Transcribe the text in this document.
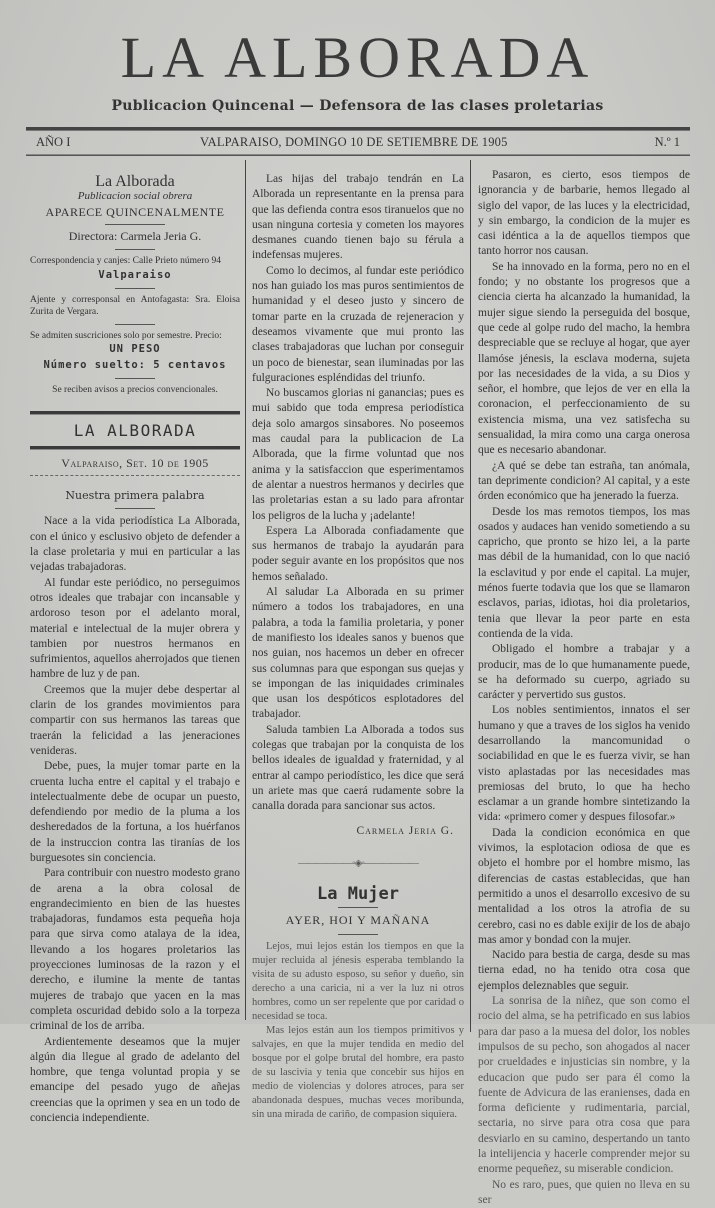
LA ALBORADA
Publicacion Quincenal — Defensora de las clases proletarias
AÑO I	VALPARAISO, DOMINGO 10 DE SETIEMBRE DE 1905	N.º 1
La Alborada
Publicacion social obrera
APARECE QUINCENALMENTE
Directora: Carmela Jeria G.
Correspondencia y canjes: Calle Prieto número 94
Valparaiso
Ajente y corresponsal en Antofagasta: Sra. Eloisa Zurita de Vergara.
Se admiten suscriciones solo por semestre. Precio:
UN PESO
Número suelto: 5 centavos
Se reciben avisos a precios convencionales.
LA ALBORADA
Valparaiso, Set. 10 de 1905
Nuestra primera palabra

Nace a la vida periodística La Alborada, con el único y esclusivo objeto de defender a la clase proletaria y mui en particular a las vejadas trabajadoras.

Al fundar este periódico, no perseguimos otros ideales que trabajar con incansable y ardoroso teson por el adelanto moral, material e intelectual de la mujer obrera y tambien por nuestros hermanos en sufrimientos, aquellos aherrojados que tienen hambre de luz y de pan.

Creemos que la mujer debe despertar al clarin de los grandes movimientos para compartir con sus hermanos las tareas que traerán la felicidad a las jeneraciones venideras.

Debe, pues, la mujer tomar parte en la cruenta lucha entre el capital y el trabajo e intelectualmente debe de ocupar un puesto, defendiendo por medio de la pluma a los desheredados de la fortuna, a los huérfanos de la instruccion contra las tiranías de los burguesotes sin conciencia.

Para contribuir con nuestro modesto grano de arena a la obra colosal de engrandecimiento en bien de las huestes trabajadoras, fundamos esta pequeña hoja para que sirva como atalaya de la idea, llevando a los hogares proletarios las proyecciones luminosas de la razon y el derecho, e ilumine la mente de tantas mujeres de trabajo que yacen en la mas completa oscuridad debido solo a la torpeza criminal de los de arriba.

Ardientemente deseamos que la mujer algún dia llegue al grado de adelanto del hombre, que tenga voluntad propia y se emancipe del pesado yugo de añejas creencias que la oprimen y sea en un todo de conciencia independiente.

Las hijas del trabajo tendrán en La Alborada un representante en la prensa para que las defienda contra esos tiranuelos que no usan ninguna cortesia y cometen los mayores desmanes cuando tienen bajo su férula a indefensas mujeres.

Como lo decimos, al fundar este periódico nos han guiado los mas puros sentimientos de humanidad y el deseo justo y sincero de tomar parte en la cruzada de rejeneracion y deseamos vivamente que mui pronto las clases trabajadoras que luchan por conseguir un poco de bienestar, sean iluminadas por las fulguraciones espléndidas del triunfo.

No buscamos glorias ni ganancias; pues es mui sabido que toda empresa periodística deja solo amargos sinsabores. No poseemos mas caudal para la publicacion de La Alborada, que la firme voluntad que nos anima y la satisfaccion que esperimentamos de alentar a nuestros hermanos y decirles que las proletarias estan a su lado para afrontar los peligros de la lucha y ¡adelante!

Espera La Alborada confiadamente que sus hermanos de trabajo la ayudarán para poder seguir avante en los propósitos que nos hemos señalado.

Al saludar La Alborada en su primer número a todos los trabajadores, en una palabra, a toda la familia proletaria, y poner de manifiesto los ideales sanos y buenos que nos guian, nos hacemos un deber en ofrecer sus columnas para que espongan sus quejas y se impongan de las iniquidades criminales que usan los despóticos esplotadores del trabajador.

Saluda tambien La Alborada a todos sus colegas que trabajan por la conquista de los bellos ideales de igualdad y fraternidad, y al entrar al campo periodístico, les dice que será un ariete mas que caerá rudamente sobre la canalla dorada para sancionar sus actos.

Carmela Jeria G.
——————◦◈◦——————
La Mujer
AYER, HOI Y MAÑANA

Lejos, mui lejos están los tiempos en que la mujer recluida al jénesis esperaba temblando la visita de su adusto esposo, su señor y dueño, sin derecho a una caricia, ni a ver la luz ni otros hombres, como un ser repelente que por caridad o necesidad se toca.

Mas lejos están aun los tiempos primitivos y salvajes, en que la mujer tendida en medio del bosque por el golpe brutal del hombre, era pasto de su lascivia y tenia que concebir sus hijos en medio de violencias y dolores atroces, para ser abandonada despues, muchas veces moribunda, sin una mirada de cariño, de compasion siquiera.

Pasaron, es cierto, esos tiempos de ignorancia y de barbarie, hemos llegado al siglo del vapor, de las luces y la electricidad, y sin embargo, la condicion de la mujer es casi idéntica a la de aquellos tiempos que tanto horror nos causan.

Se ha innovado en la forma, pero no en el fondo; y no obstante los progresos que a ciencia cierta ha alcanzado la humanidad, la mujer sigue siendo la perseguida del bosque, que cede al golpe rudo del macho, la hembra despreciable que se recluye al hogar, que ayer llamóse jénesis, la esclava moderna, sujeta por las necesidades de la vida, a su Dios y señor, el hombre, que lejos de ver en ella la coronacion, el perfeccionamiento de su existencia misma, una vez satisfecha su sensualidad, la mira como una carga onerosa que es necesario abandonar.

¿A qué se debe tan estraña, tan anómala, tan deprimente condicion? Al capital, y a este órden económico que ha jenerado la fuerza.

Desde los mas remotos tiempos, los mas osados y audaces han venido sometiendo a su capricho, que pronto se hizo lei, a la parte mas débil de la humanidad, con lo que nació la esclavitud y por ende el capital. La mujer, ménos fuerte todavia que los que se llamaron esclavos, parias, idiotas, hoi dia proletarios, tenia que llevar la peor parte en esta contienda de la vida.

Obligado el hombre a trabajar y a producir, mas de lo que humanamente puede, se ha deformado su cuerpo, agriado su carácter y pervertido sus gustos.

Los nobles sentimientos, innatos el ser humano y que a traves de los siglos ha venido desarrollando la mancomunidad o sociabilidad en que le es fuerza vivir, se han visto aplastadas por las necesidades mas premiosas del bruto, lo que ha hecho esclamar a un grande hombre sintetizando la vida: «primero comer y despues filosofar.»

Dada la condicion económica en que vivimos, la esplotacion odiosa de que es objeto el hombre por el hombre mismo, las diferencias de castas establecidas, que han permitido a unos el desarrollo excesivo de su mentalidad a los otros la atrofia de su cerebro, casi no es dable exijir de los de abajo mas amor y bondad con la mujer.

Nacido para bestia de carga, desde su mas tierna edad, no ha tenido otra cosa que ejemplos deleznables que seguir.

La sonrisa de la niñez, que son como el rocio del alma, se ha petrificado en sus labios para dar paso a la muesa del dolor, los nobles impulsos de su pecho, son ahogados al nacer por crueldades e injusticias sin nombre, y la educacion que pudo ser para él como la fuente de Advicura de las eranienses, dada en forma deficiente y rudimentaria, parcial, sectaria, no sirve para otra cosa que para desviarlo en su camino, despertando un tanto la intelijencia y hacerle comprender mejor su enorme pequeñez, su miserable condicion.

No es raro, pues, que quien no lleva en su ser
